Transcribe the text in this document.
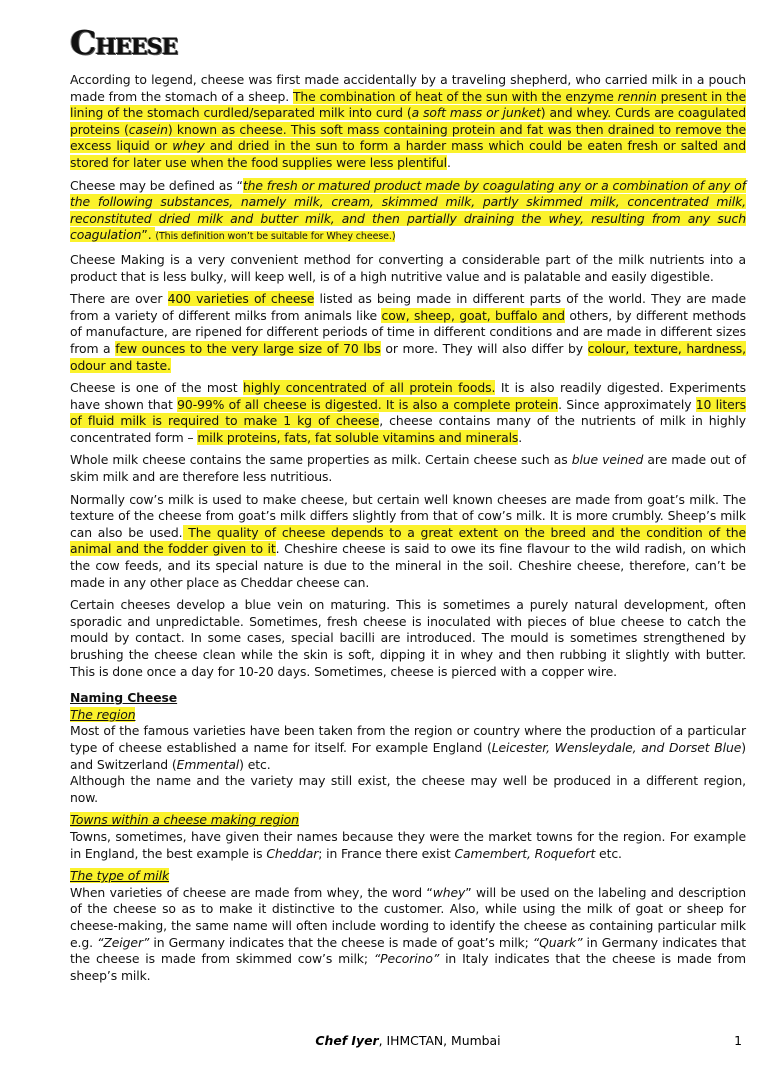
CHEESE

According to legend, cheese was first made accidentally by a traveling shepherd, who carried milk in a pouch made from the stomach of a sheep. The combination of heat of the sun with the enzyme rennin present in the lining of the stomach curdled/separated milk into curd (a soft mass or junket) and whey. Curds are coagulated proteins (casein) known as cheese. This soft mass containing protein and fat was then drained to remove the excess liquid or whey and dried in the sun to form a harder mass which could be eaten fresh or salted and stored for later use when the food supplies were less plentiful.

Cheese may be defined as “the fresh or matured product made by coagulating any or a combination of any of the following substances, namely milk, cream, skimmed milk, partly skimmed milk, concentrated milk, reconstituted dried milk and butter milk, and then partially draining the whey, resulting from any such coagulation”. (This definition won’t be suitable for Whey cheese.)

Cheese Making is a very convenient method for converting a considerable part of the milk nutrients into a product that is less bulky, will keep well, is of a high nutritive value and is palatable and easily digestible.

There are over 400 varieties of cheese listed as being made in different parts of the world. They are made from a variety of different milks from animals like cow, sheep, goat, buffalo and others, by different methods of manufacture, are ripened for different periods of time in different conditions and are made in different sizes from a few ounces to the very large size of 70 lbs or more. They will also differ by colour, texture, hardness, odour and taste.

Cheese is one of the most highly concentrated of all protein foods. It is also readily digested. Experiments have shown that 90-99% of all cheese is digested. It is also a complete protein. Since approximately 10 liters of fluid milk is required to make 1 kg of cheese, cheese contains many of the nutrients of milk in highly concentrated form – milk proteins, fats, fat soluble vitamins and minerals.

Whole milk cheese contains the same properties as milk. Certain cheese such as blue veined are made out of skim milk and are therefore less nutritious.

Normally cow’s milk is used to make cheese, but certain well known cheeses are made from goat’s milk. The texture of the cheese from goat’s milk differs slightly from that of cow’s milk. It is more crumbly. Sheep’s milk can also be used. The quality of cheese depends to a great extent on the breed and the condition of the animal and the fodder given to it. Cheshire cheese is said to owe its fine flavour to the wild radish, on which the cow feeds, and its special nature is due to the mineral in the soil. Cheshire cheese, therefore, can’t be made in any other place as Cheddar cheese can.

Certain cheeses develop a blue vein on maturing. This is sometimes a purely natural development, often sporadic and unpredictable. Sometimes, fresh cheese is inoculated with pieces of blue cheese to catch the mould by contact. In some cases, special bacilli are introduced. The mould is sometimes strengthened by brushing the cheese clean while the skin is soft, dipping it in whey and then rubbing it slightly with butter. This is done once a day for 10-20 days. Sometimes, cheese is pierced with a copper wire.

Naming Cheese
The region

Most of the famous varieties have been taken from the region or country where the production of a particular type of cheese established a name for itself. For example England (Leicester, Wensleydale, and Dorset Blue) and Switzerland (Emmental) etc.

Although the name and the variety may still exist, the cheese may well be produced in a different region, now.

Towns within a cheese making region

Towns, sometimes, have given their names because they were the market towns for the region. For example in England, the best example is Cheddar; in France there exist Camembert, Roquefort etc.

The type of milk

When varieties of cheese are made from whey, the word “whey” will be used on the labeling and description of the cheese so as to make it distinctive to the customer. Also, while using the milk of goat or sheep for cheese-making, the same name will often include wording to identify the cheese as containing particular milk e.g. “Zeiger” in Germany indicates that the cheese is made of goat’s milk; “Quark” in Germany indicates that the cheese is made from skimmed cow’s milk; “Pecorino” in Italy indicates that the cheese is made from sheep’s milk.

Chef Iyer, IHMCTAN, Mumbai	1
